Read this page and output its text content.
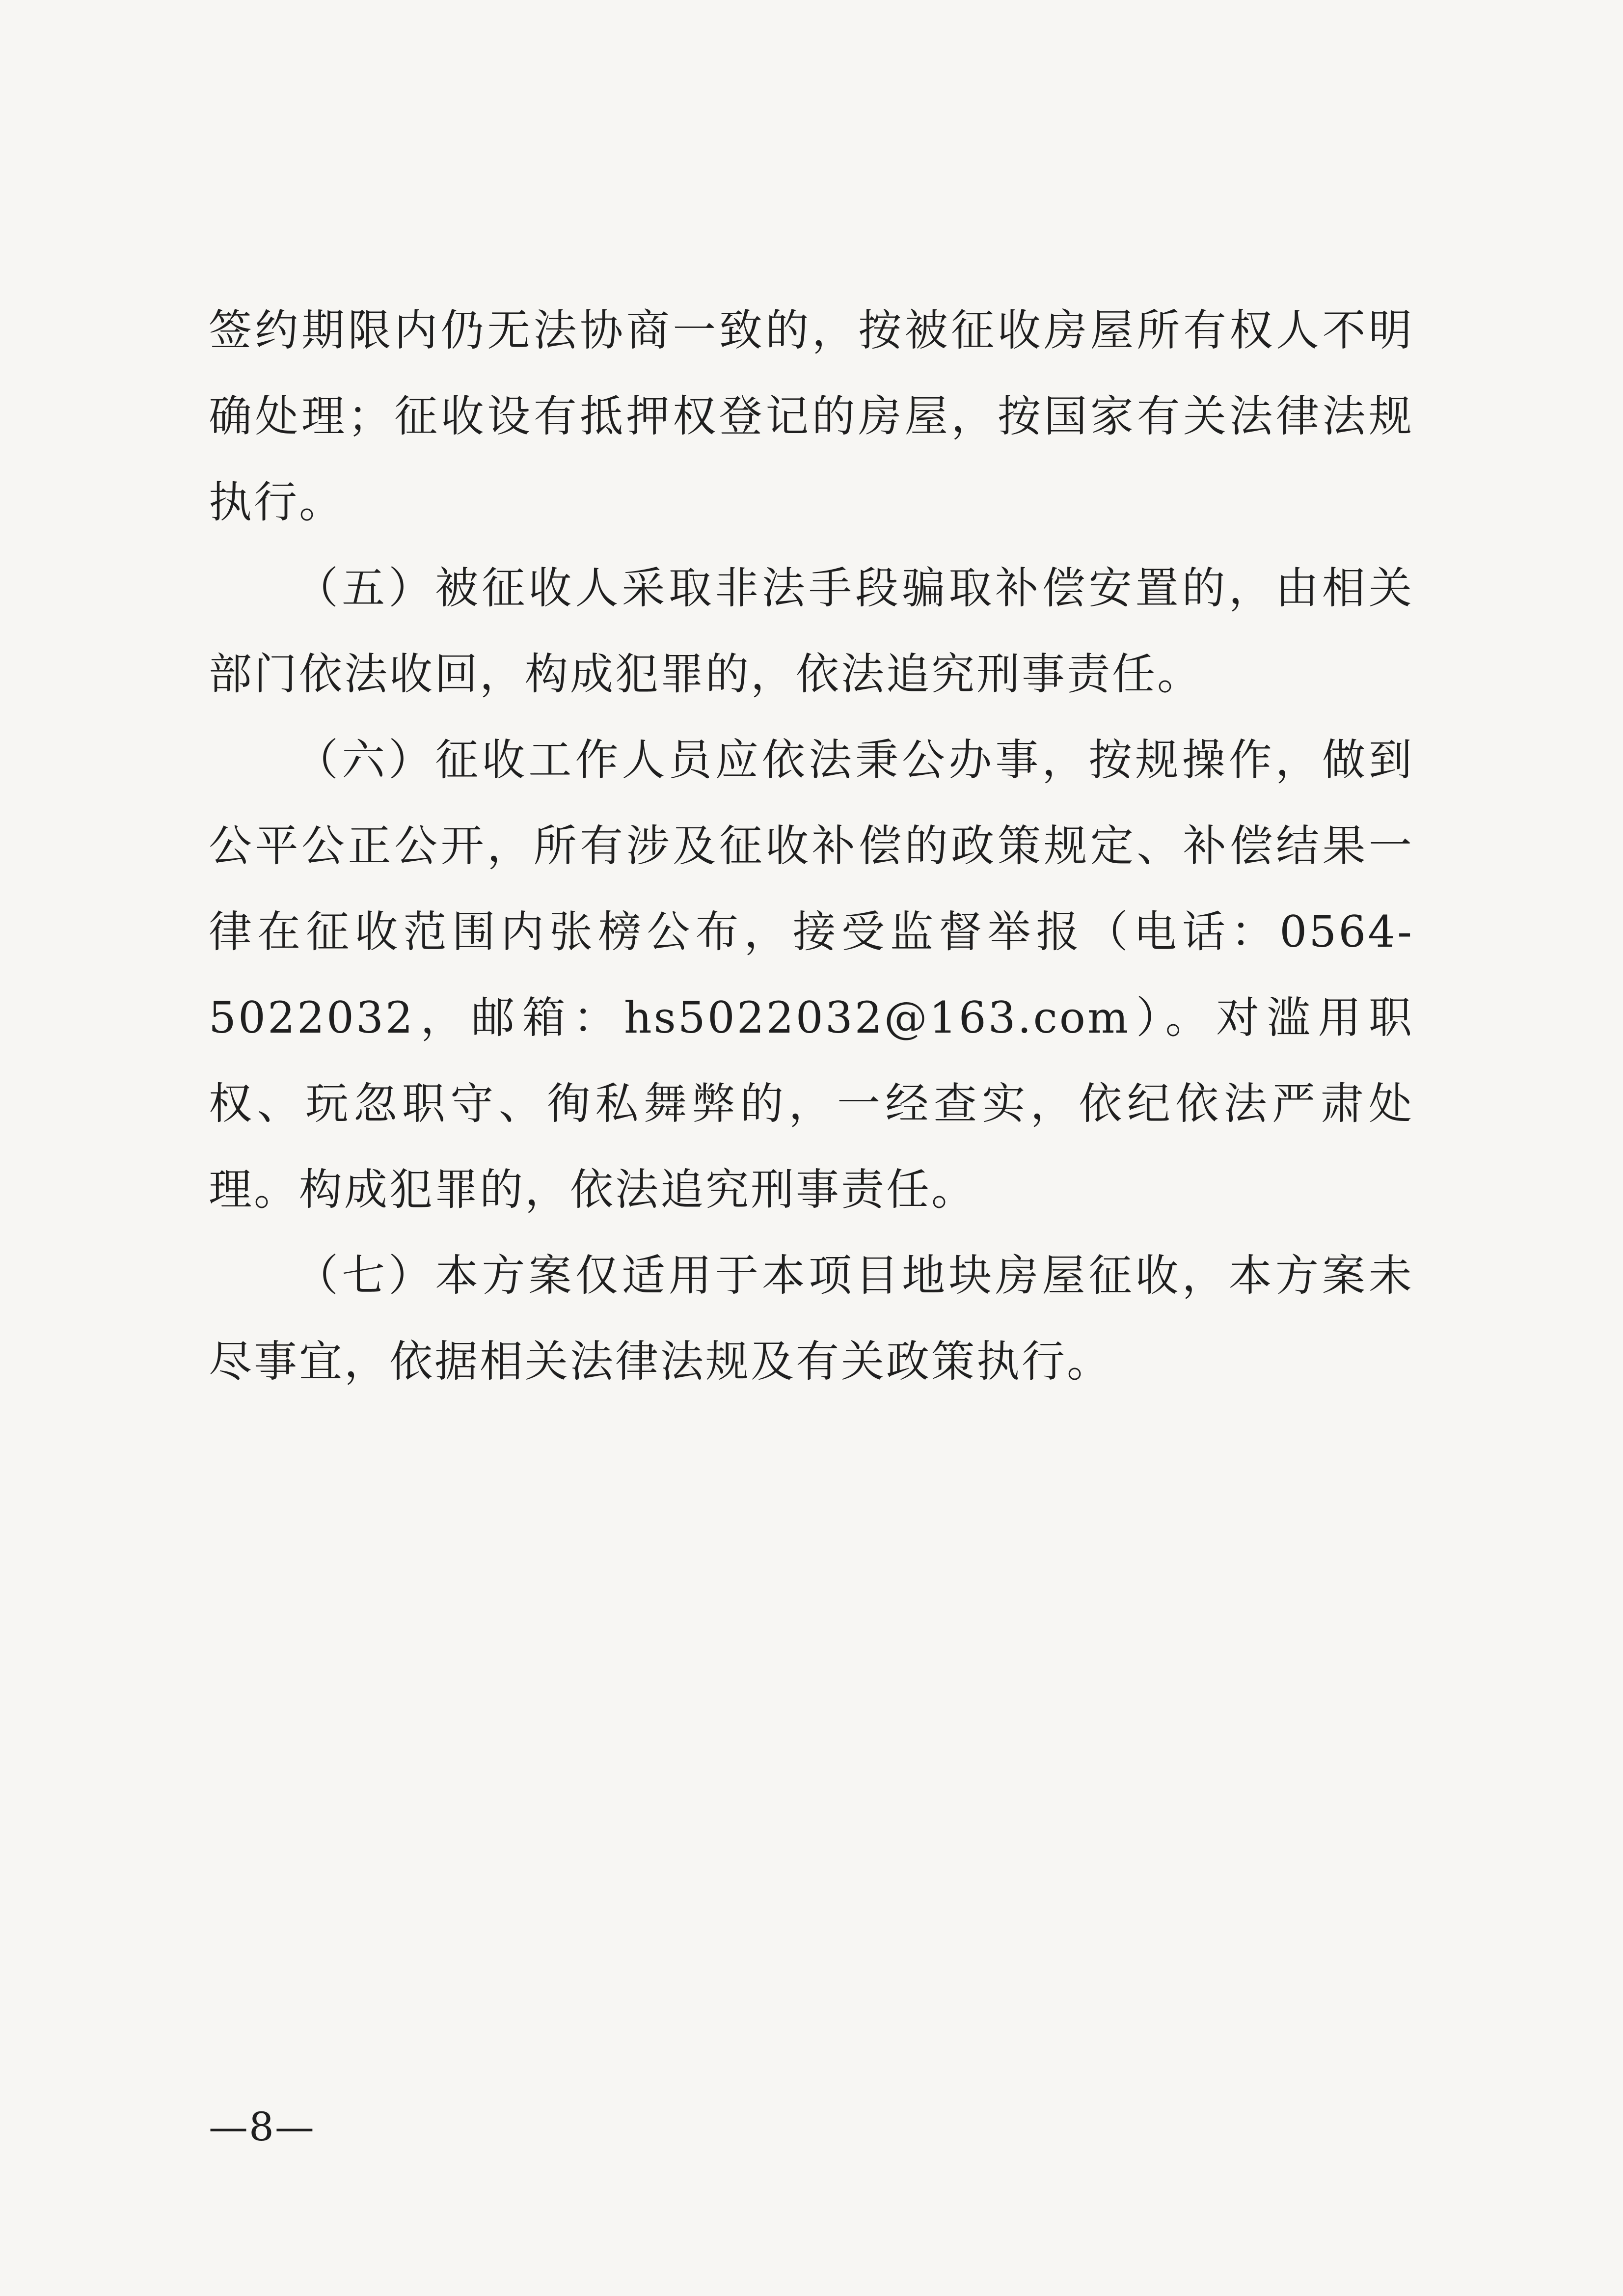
签约期限内仍无法协商一致的，按被征收房屋所有权人不明确处理；征收设有抵押权登记的房屋，按国家有关法律法规执行。

（五）被征收人采取非法手段骗取补偿安置的，由相关部门依法收回，构成犯罪的，依法追究刑事责任。

（六）征收工作人员应依法秉公办事，按规操作，做到公平公正公开，所有涉及征收补偿的政策规定、补偿结果一律在征收范围内张榜公布，接受监督举报（电话：0564-5022032，邮箱：hs5022032@163.com）。对滥用职权、玩忽职守、徇私舞弊的，一经查实，依纪依法严肃处理。构成犯罪的，依法追究刑事责任。

（七）本方案仅适用于本项目地块房屋征收，本方案未尽事宜，依据相关法律法规及有关政策执行。

—8—
